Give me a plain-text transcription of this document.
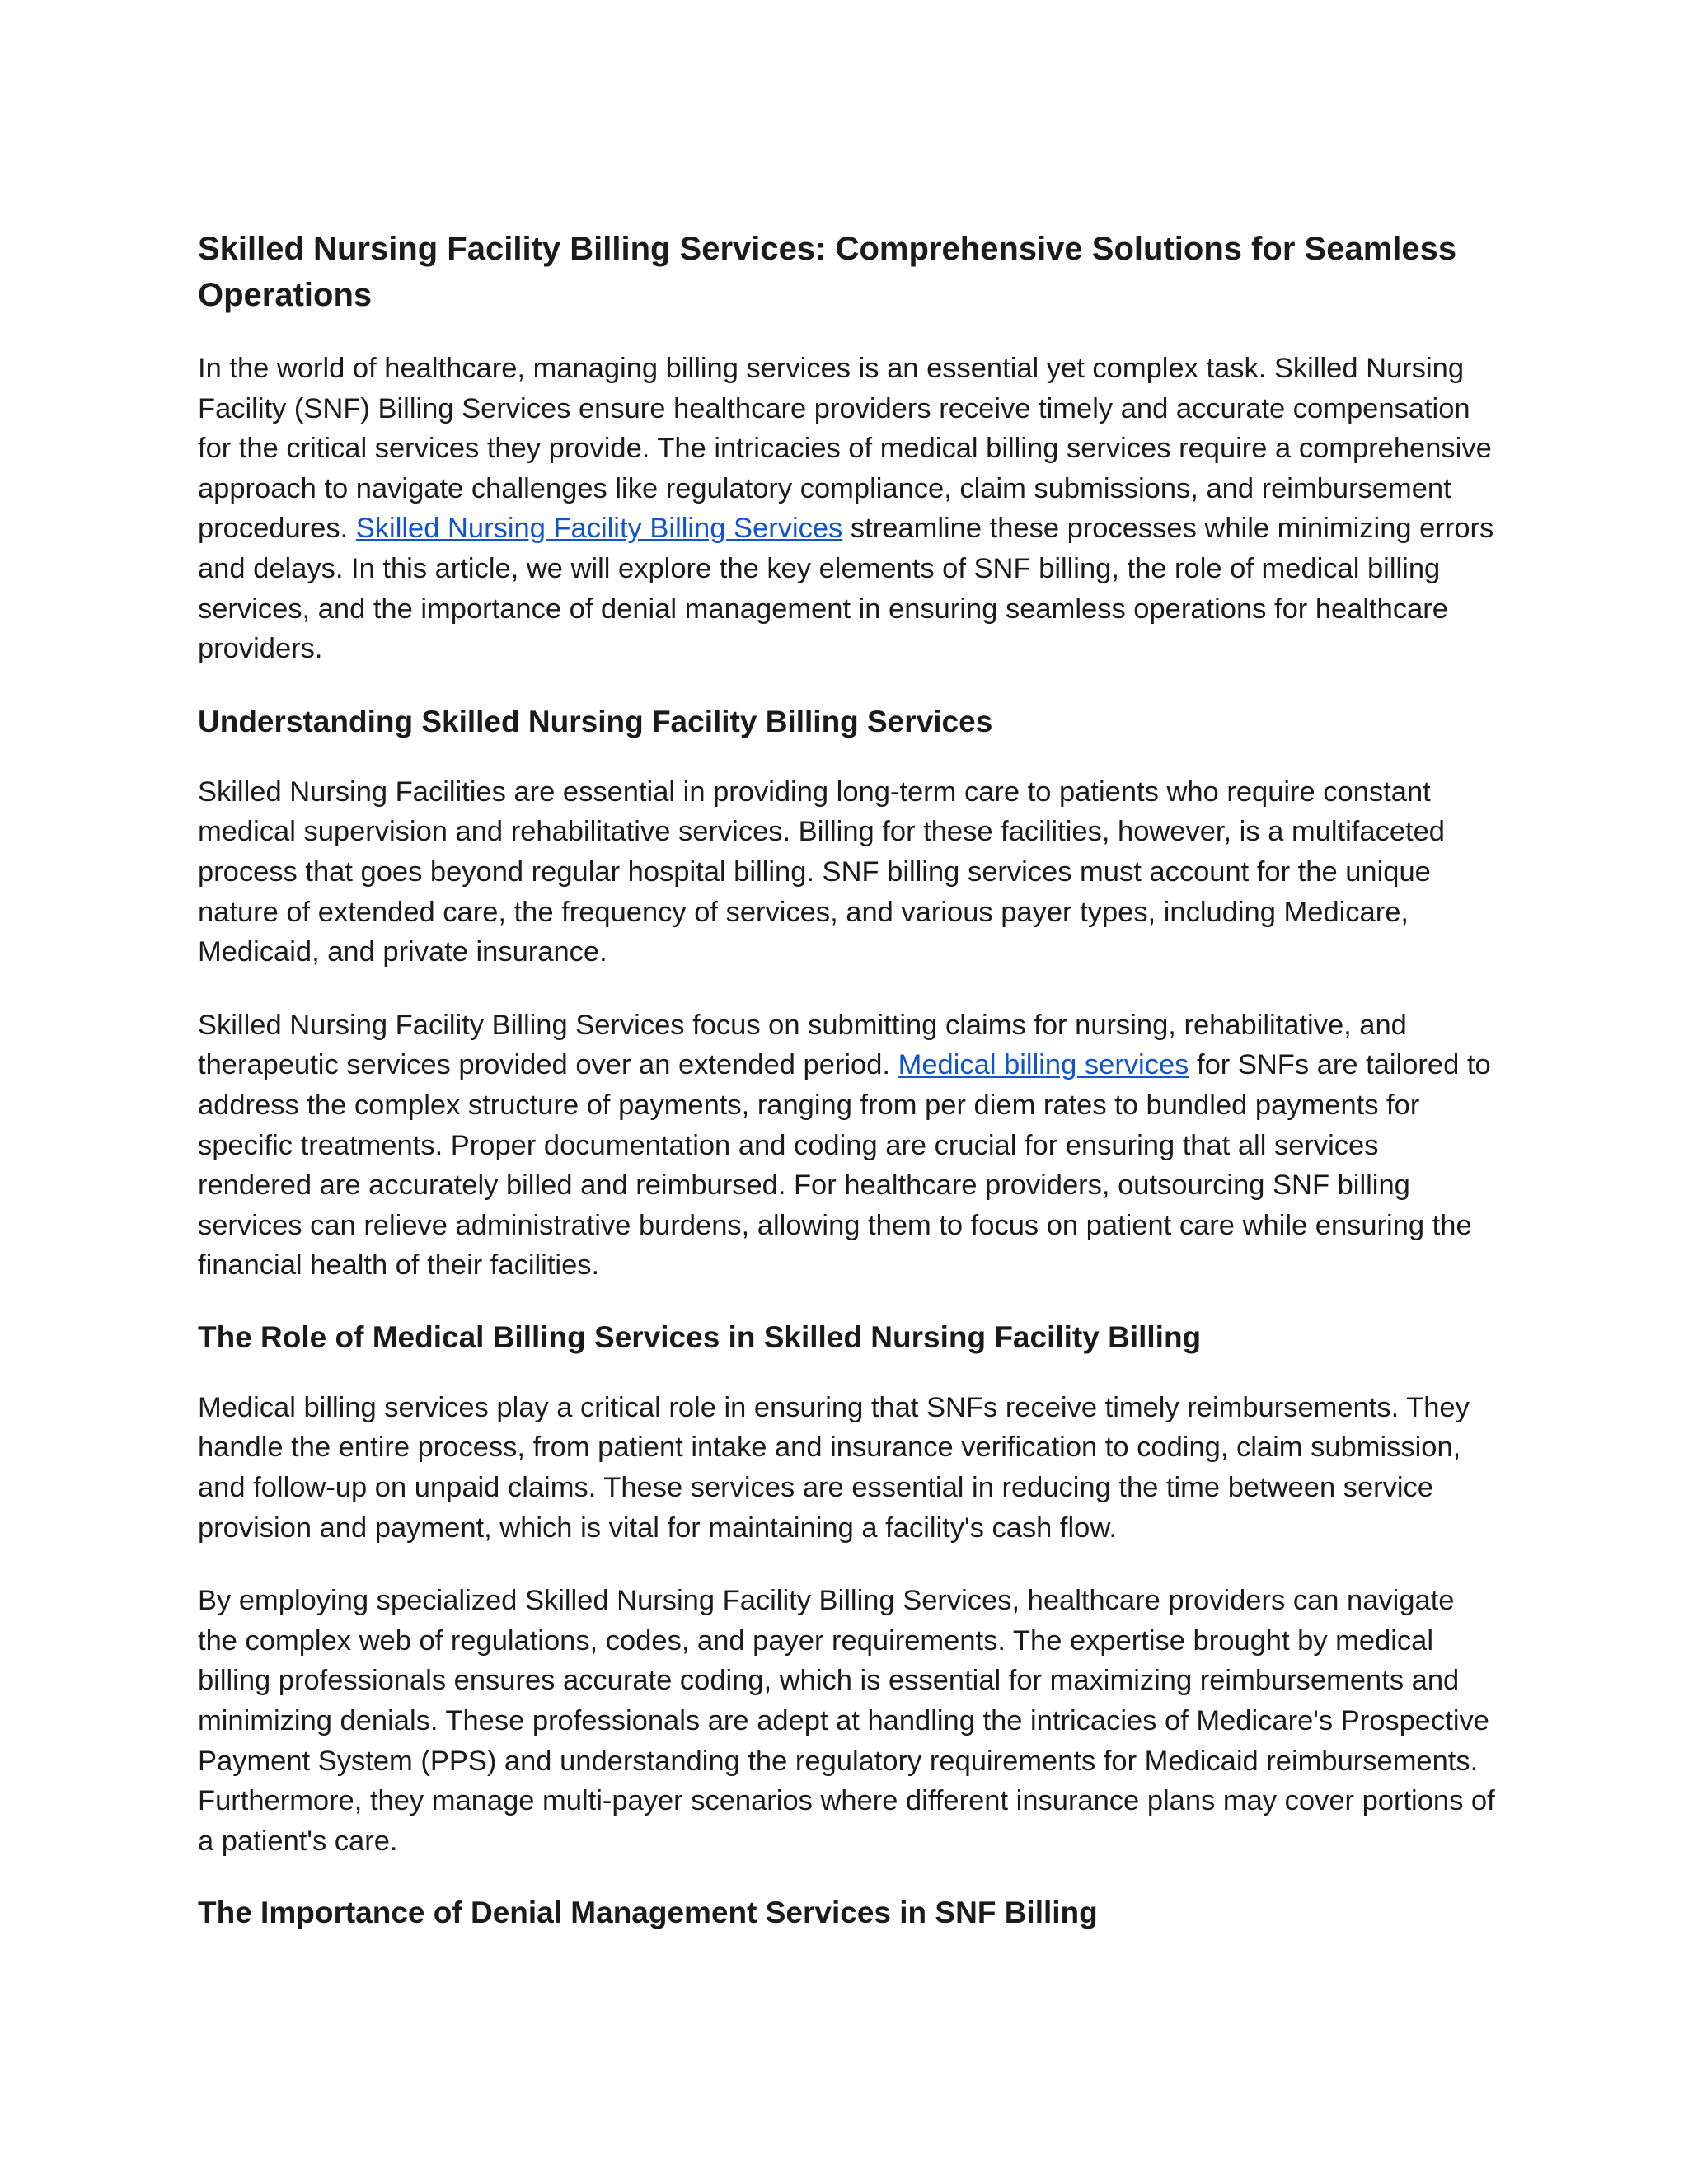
Skilled Nursing Facility Billing Services: Comprehensive Solutions for Seamless Operations

In the world of healthcare, managing billing services is an essential yet complex task. Skilled Nursing Facility (SNF) Billing Services ensure healthcare providers receive timely and accurate compensation for the critical services they provide. The intricacies of medical billing services require a comprehensive approach to navigate challenges like regulatory compliance, claim submissions, and reimbursement procedures. Skilled Nursing Facility Billing Services streamline these processes while minimizing errors and delays. In this article, we will explore the key elements of SNF billing, the role of medical billing services, and the importance of denial management in ensuring seamless operations for healthcare providers.

Understanding Skilled Nursing Facility Billing Services

Skilled Nursing Facilities are essential in providing long-term care to patients who require constant medical supervision and rehabilitative services. Billing for these facilities, however, is a multifaceted process that goes beyond regular hospital billing. SNF billing services must account for the unique nature of extended care, the frequency of services, and various payer types, including Medicare, Medicaid, and private insurance.

Skilled Nursing Facility Billing Services focus on submitting claims for nursing, rehabilitative, and therapeutic services provided over an extended period. Medical billing services for SNFs are tailored to address the complex structure of payments, ranging from per diem rates to bundled payments for specific treatments. Proper documentation and coding are crucial for ensuring that all services rendered are accurately billed and reimbursed. For healthcare providers, outsourcing SNF billing services can relieve administrative burdens, allowing them to focus on patient care while ensuring the financial health of their facilities.

The Role of Medical Billing Services in Skilled Nursing Facility Billing

Medical billing services play a critical role in ensuring that SNFs receive timely reimbursements. They handle the entire process, from patient intake and insurance verification to coding, claim submission, and follow-up on unpaid claims. These services are essential in reducing the time between service provision and payment, which is vital for maintaining a facility's cash flow.

By employing specialized Skilled Nursing Facility Billing Services, healthcare providers can navigate the complex web of regulations, codes, and payer requirements. The expertise brought by medical billing professionals ensures accurate coding, which is essential for maximizing reimbursements and minimizing denials. These professionals are adept at handling the intricacies of Medicare's Prospective Payment System (PPS) and understanding the regulatory requirements for Medicaid reimbursements. Furthermore, they manage multi-payer scenarios where different insurance plans may cover portions of a patient's care.

The Importance of Denial Management Services in SNF Billing
